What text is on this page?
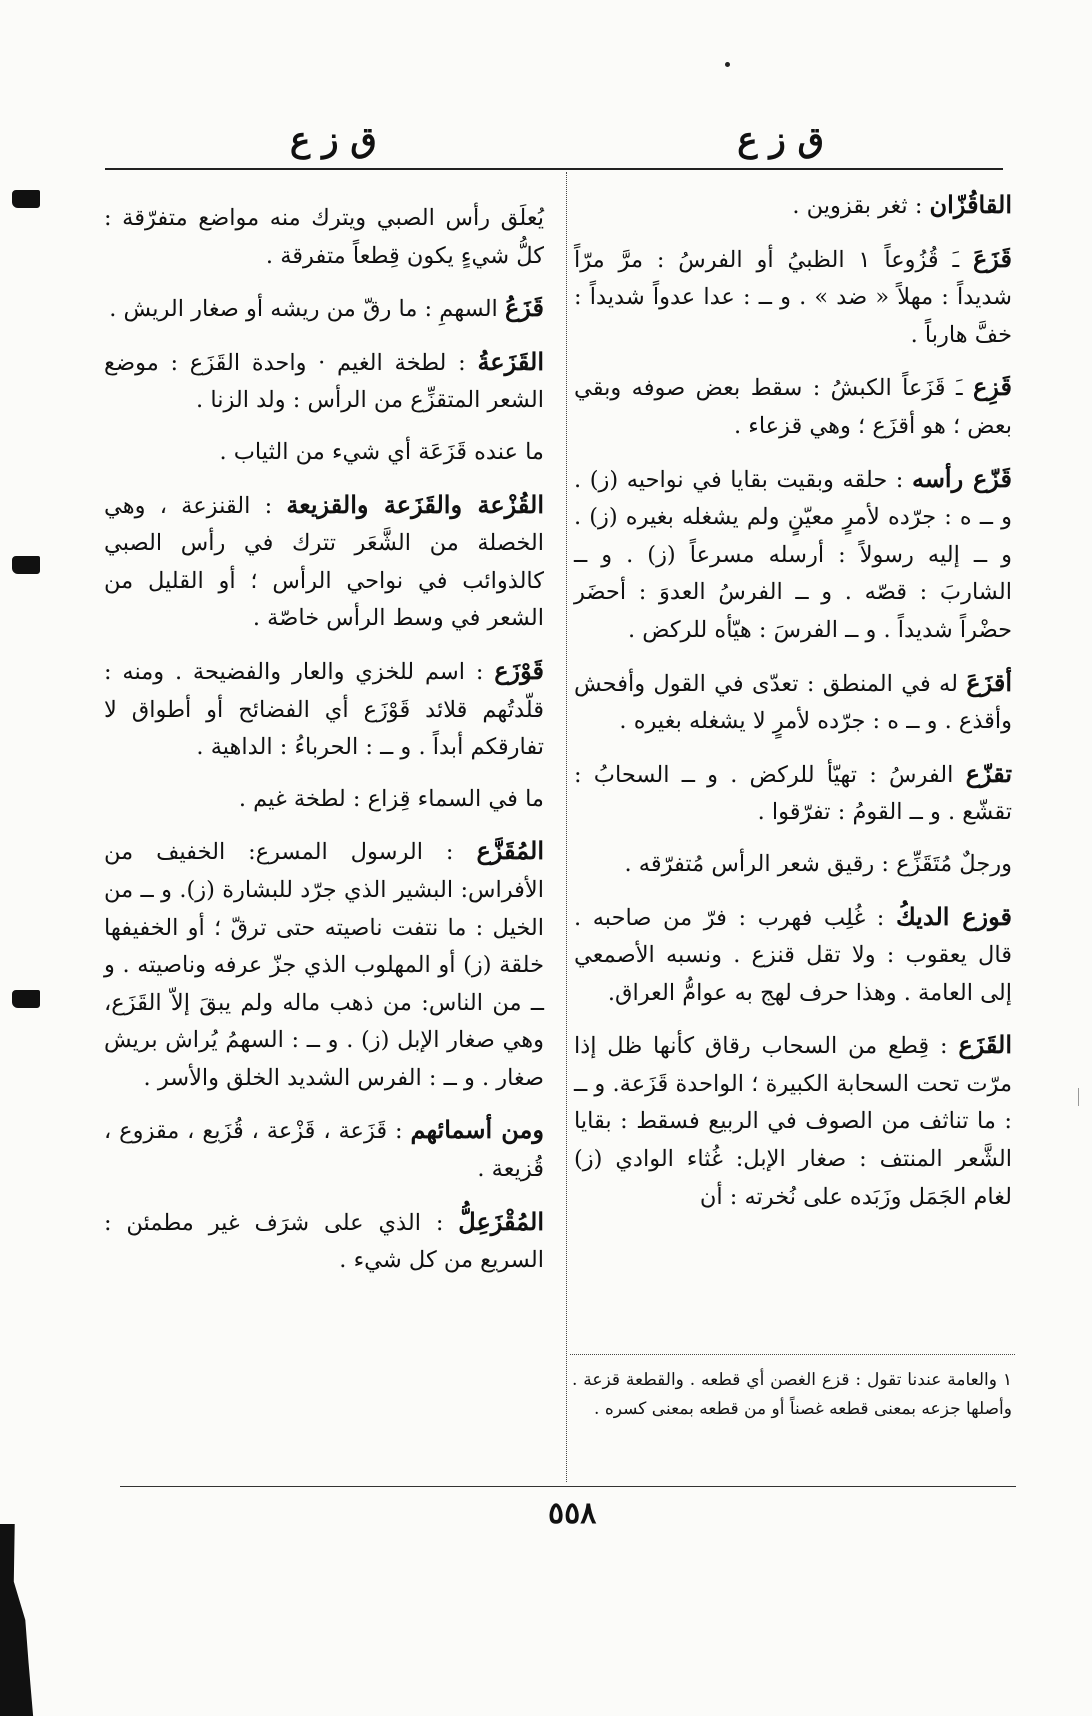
ق ز ع
ق ز ع

القاقُزّان : ثغر بقزوين .

قَزَعَ ـَ قُزُوعاً ١ الظبيُ أو الفرسُ : مرَّ مرّاً شديداً : مهلاً « ضد » . و ــ : عدا عدواً شديداً : خفَّ هارباً .

قَزِع ـَ قَزَعاً الكبشُ : سقط بعض صوفه وبقي بعض ؛ هو أقزَع ؛ وهي قزعاء .

قَزّع رأسه : حلقه وبقيت بقايا في نواحيه (ز) . و ــ ه : جرّده لأمرٍ معيّنٍ ولم يشغله بغيره (ز) . و ــ إليه رسولاً : أرسله مسرعاً (ز) . و ــ الشاربَ : قصّه . و ــ الفرسُ العدوَ : أحضَر حضْراً شديداً . و ــ الفرسَ : هيّأه للركض .

أقزَعَ له في المنطق : تعدّى في القول وأفحش وأقذع . و ــ ه : جرّده لأمرٍ لا يشغله بغيره .

تقزّع الفرسُ : تهيّأ للركض . و ــ السحابُ : تقشّع . و ــ القومُ : تفرّقوا .

ورجلٌ مُتَقَزِّع : رقيق شعر الرأس مُتفرّقه .

قوزع الديكُ : غُلِب فهرب : فرّ من صاحبه . قال يعقوب : ولا تقل قنزع . ونسبه الأصمعي إلى العامة . وهذا حرف لهج به عوامُّ العراق.

القَزَع : قِطع من السحاب رقاق كأنها ظل إذا مرّت تحت السحابة الكبيرة ؛ الواحدة قَزَعة. و ــ : ما تناثف من الصوف في الربيع فسقط : بقايا الشَّعر المنتف : صغار الإبل: غُثاء الوادي (ز) لغام الجَمَل وزَبَده على نُخرته : أن

١ والعامة عندنا تقول : قزع الغصن أي قطعه . والقطعة قزعة . وأصلها جزعه بمعنى قطعه غصناً أو من قطعه بمعنى كسره .

يُعلَق رأس الصبي ويترك منه مواضع متفرّقة : كلُّ شيءٍ يكون قِطعاً متفرقة .

قَزَعُ السهمِ : ما رقّ من ريشه أو صغار الريش .

القَزَعةُ : لطخة الغيم · واحدة القَزَع : موضع الشعر المتقزِّع من الرأس : ولد الزنا .

ما عنده قَزَعَة أي شيء من الثياب .

القُزْعة والقَزَعة والقزيعة : القنزعة ، وهي الخصلة من الشَّعَر تترك في رأس الصبي كالذوائب في نواحي الرأس ؛ أو القليل من الشعر في وسط الرأس خاصّة .

قَوْزَع : اسم للخزي والعار والفضيحة . ومنه : قلّدتُهم قلائد قَوْزَع أي الفضائح أو أطواق لا تفارقكم أبداً . و ــ : الحرباءُ : الداهية .

ما في السماء قِزاع : لطخة غيم .

المُقَزَّع : الرسول المسرع: الخفيف من الأفراس: البشير الذي جرّد للبشارة (ز). و ــ من الخيل : ما نتفت ناصيته حتى ترقّ ؛ أو الخفيفها خلقة (ز) أو المهلوب الذي جزّ عرفه وناصيته . و ــ من الناس: من ذهب ماله ولم يبقَ إلاّ القَزَع، وهي صغار الإبل (ز) . و ــ : السهمُ يُراش بريش صغار . و ــ : الفرس الشديد الخلق والأسر .

ومن أسمائهم : قَزَعة ، قَزْعة ، قُزَيع ، مقزوع ، قُزيعة .

المُقْزَعِلُّ : الذي على شرَف غير مطمئن : السريع من كل شيء .

٥٥٨
